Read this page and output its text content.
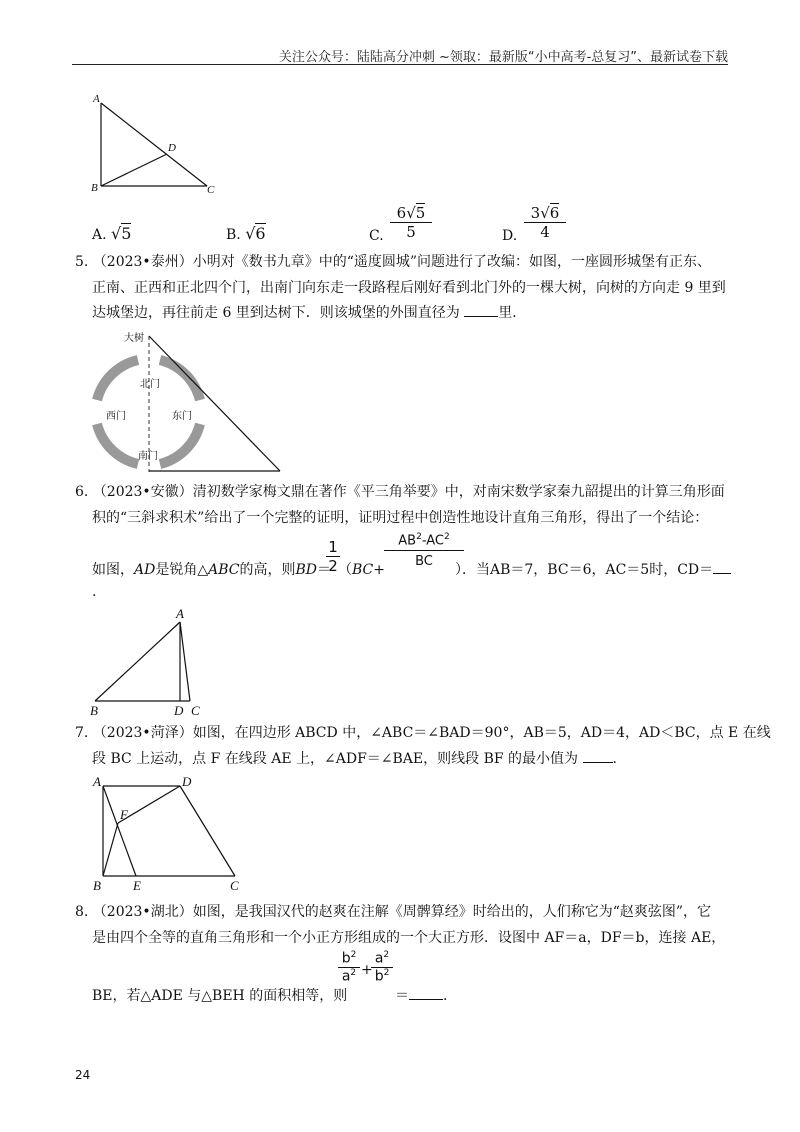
关注公众号：陆陆高分冲刺 ~领取：最新版“小中高考-总复习”、最新试卷下载
A
D
B	C
A. √5	B. √6	C.
6√5
5	D.
3√6
4
5. （2023•泰州）小明对《数书九章》中的“遥度圆城”问题进行了改编：如图，一座圆形城堡有正东、
正南、正西和正北四个门，出南门向东走一段路程后刚好看到北门外的一棵大树，向树的方向走 9 里到
达城堡边，再往前走 6 里到达树下．则该城堡的外围直径为	里．
大树
北门
西门	东门
南门
6. （2023•安徽）清初数学家梅文鼎在著作《平三角举要》中，对南宋数学家秦九韶提出的计算三角形面
积的“三斜求积术”给出了一个完整的证明，证明过程中创造性地设计直角三角形，得出了一个结论：
如图，AD是锐角△ABC的高，则BD＝
1
2 （BC+
$AB^2-AC^2$
BC
）．当AB＝7，BC＝6，AC＝5时，CD＝
.
A
B	D C
7. （2023•菏泽）如图，在四边形 ABCD 中，∠ABC＝∠BAD＝90°，AB＝5，AD＝4，AD＜BC，点 E 在线
段 BC 上运动，点 F 在线段 AE 上，∠ADF＝∠BAE，则线段 BF 的最小值为 .
A	D
F
B E	C
8. （2023•湖北）如图，是我国汉代的赵爽在注解《周髀算经》时给出的，人们称它为“赵爽弦图”，它
是由四个全等的直角三角形和一个小正方形组成的一个大正方形．设图中 AF＝a，DF＝b，连接 AE，
BE，若△ADE 与△BEH 的面积相等，则
$b^2$
$a^2$ +
$a^2$
$b^2$
＝ .
24
